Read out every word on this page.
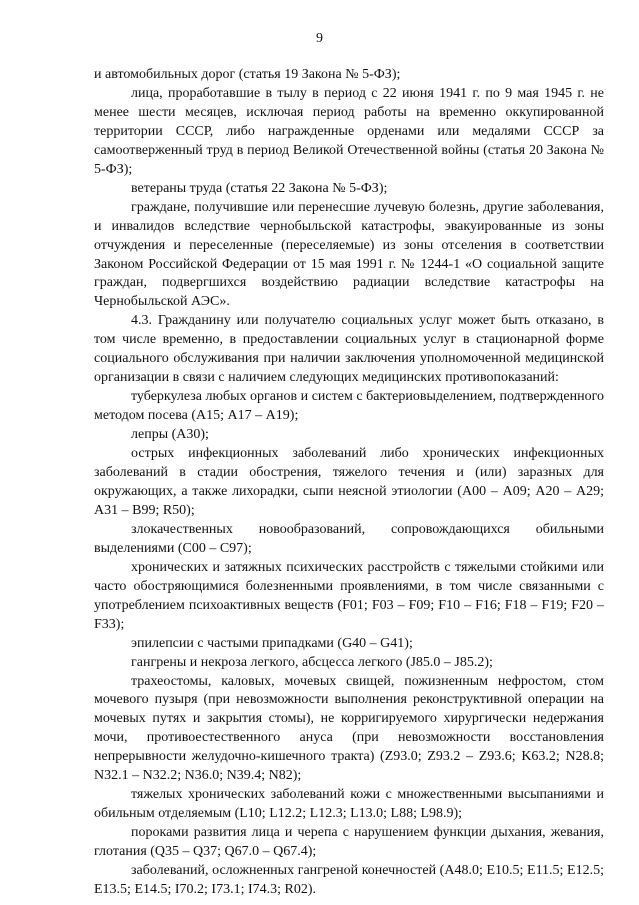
9

и автомобильных дорог (статья 19 Закона № 5-ФЗ);

лица, проработавшие в тылу в период с 22 июня 1941 г. по 9 мая 1945 г. не менее шести месяцев, исключая период работы на временно оккупированной территории СССР, либо награжденные орденами или медалями СССР за самоотверженный труд в период Великой Отечественной войны (статья 20 Закона № 5-ФЗ);

ветераны труда (статья 22 Закона № 5-ФЗ);

граждане, получившие или перенесшие лучевую болезнь, другие заболевания, и инвалидов вследствие чернобыльской катастрофы, эвакуированные из зоны отчуждения и переселенные (переселяемые) из зоны отселения в соответствии Законом Российской Федерации от 15 мая 1991 г. № 1244-1 «О социальной защите граждан, подвергшихся воздействию радиации вследствие катастрофы на Чернобыльской АЭС».

4.3. Гражданину или получателю социальных услуг может быть отказано, в том числе временно, в предоставлении социальных услуг в стационарной форме социального обслуживания при наличии заключения уполномоченной медицинской организации в связи с наличием следующих медицинских противопоказаний:

туберкулеза любых органов и систем с бактериовыделением, подтвержденного методом посева (А15; А17 – А19);

лепры (А30);

острых инфекционных заболеваний либо хронических инфекционных заболеваний в стадии обострения, тяжелого течения и (или) заразных для окружающих, а также лихорадки, сыпи неясной этиологии (А00 – А09; А20 – А29; А31 – В99; R50);

злокачественных новообразований, сопровождающихся обильными выделениями (С00 – С97);

хронических и затяжных психических расстройств с тяжелыми стойкими или часто обостряющимися болезненными проявлениями, в том числе связанными с употреблением психоактивных веществ (F01; F03 – F09; F10 – F16; F18 – F19; F20 – F33);

эпилепсии с частыми припадками (G40 – G41);

гангрены и некроза легкого, абсцесса легкого (J85.0 – J85.2);

трахеостомы, каловых, мочевых свищей, пожизненным нефростом, стом мочевого пузыря (при невозможности выполнения реконструктивной операции на мочевых путях и закрытия стомы), не корригируемого хирургически недержания мочи, противоестественного ануса (при невозможности восстановления непрерывности желудочно-кишечного тракта) (Z93.0; Z93.2 – Z93.6; K63.2; N28.8; N32.1 – N32.2; N36.0; N39.4; N82);

тяжелых хронических заболеваний кожи с множественными высыпаниями и обильным отделяемым (L10; L12.2; L12.3; L13.0; L88; L98.9);

пороками развития лица и черепа с нарушением функции дыхания, жевания, глотания (Q35 – Q37; Q67.0 – Q67.4);

заболеваний, осложненных гангреной конечностей (А48.0; Е10.5; Е11.5; Е12.5; Е13.5; Е14.5; I70.2; I73.1; I74.3; R02).
